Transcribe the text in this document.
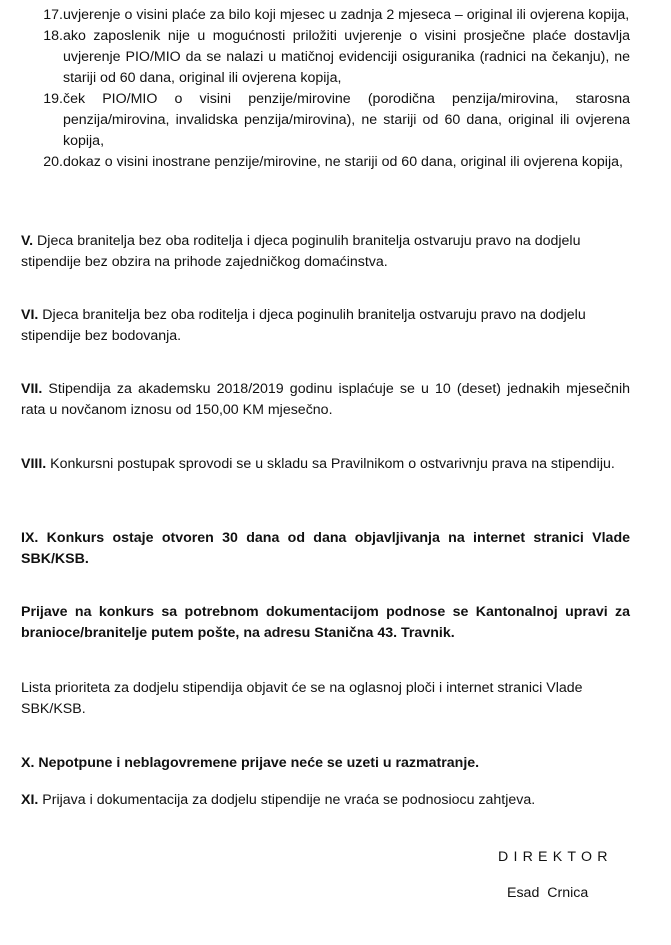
17. uvjerenje o visini plaće za bilo koji mjesec u zadnja 2 mjeseca – original ili ovjerena kopija,
18. ako zaposlenik nije u mogućnosti priložiti uvjerenje o visini prosječne plaće dostavlja uvjerenje PIO/MIO da se nalazi u matičnoj evidenciji osiguranika (radnici na čekanju), ne stariji od 60 dana, original ili ovjerena kopija,
19. ček PIO/MIO o visini penzije/mirovine (porodična penzija/mirovina, starosna penzija/mirovina, invalidska penzija/mirovina), ne stariji od 60 dana, original ili ovjerena kopija,
20. dokaz o visini inostrane penzije/mirovine, ne stariji od 60 dana, original ili ovjerena kopija,
V. Djeca branitelja bez oba roditelja i djeca poginulih branitelja ostvaruju pravo na dodjelu stipendije bez obzira na prihode zajedničkog domaćinstva.
VI. Djeca branitelja bez oba roditelja i djeca poginulih branitelja ostvaruju pravo na dodjelu stipendije bez bodovanja.
VII. Stipendija za akademsku 2018/2019 godinu isplaćuje se u 10 (deset) jednakih mjesečnih rata u novčanom iznosu od 150,00 KM mjesečno.
VIII. Konkursni postupak sprovodi se u skladu sa Pravilnikom o ostvarivnju prava na stipendiju.
IX. Konkurs ostaje otvoren 30 dana od dana objavljivanja na internet stranici Vlade SBK/KSB.
Prijave na konkurs sa potrebnom dokumentacijom podnose se Kantonalnoj upravi za branioce/branitelje putem pošte, na adresu Stanična 43. Travnik.
Lista prioriteta za dodjelu stipendija objavit će se na oglasnoj ploči i internet stranici Vlade SBK/KSB.
X. Nepotpune i neblagovremene prijave neće se uzeti u razmatranje.
XI. Prijava i dokumentacija za dodjelu stipendije ne vraća se podnosiocu zahtjeva.
DIREKTOR
Esad  Crnica
